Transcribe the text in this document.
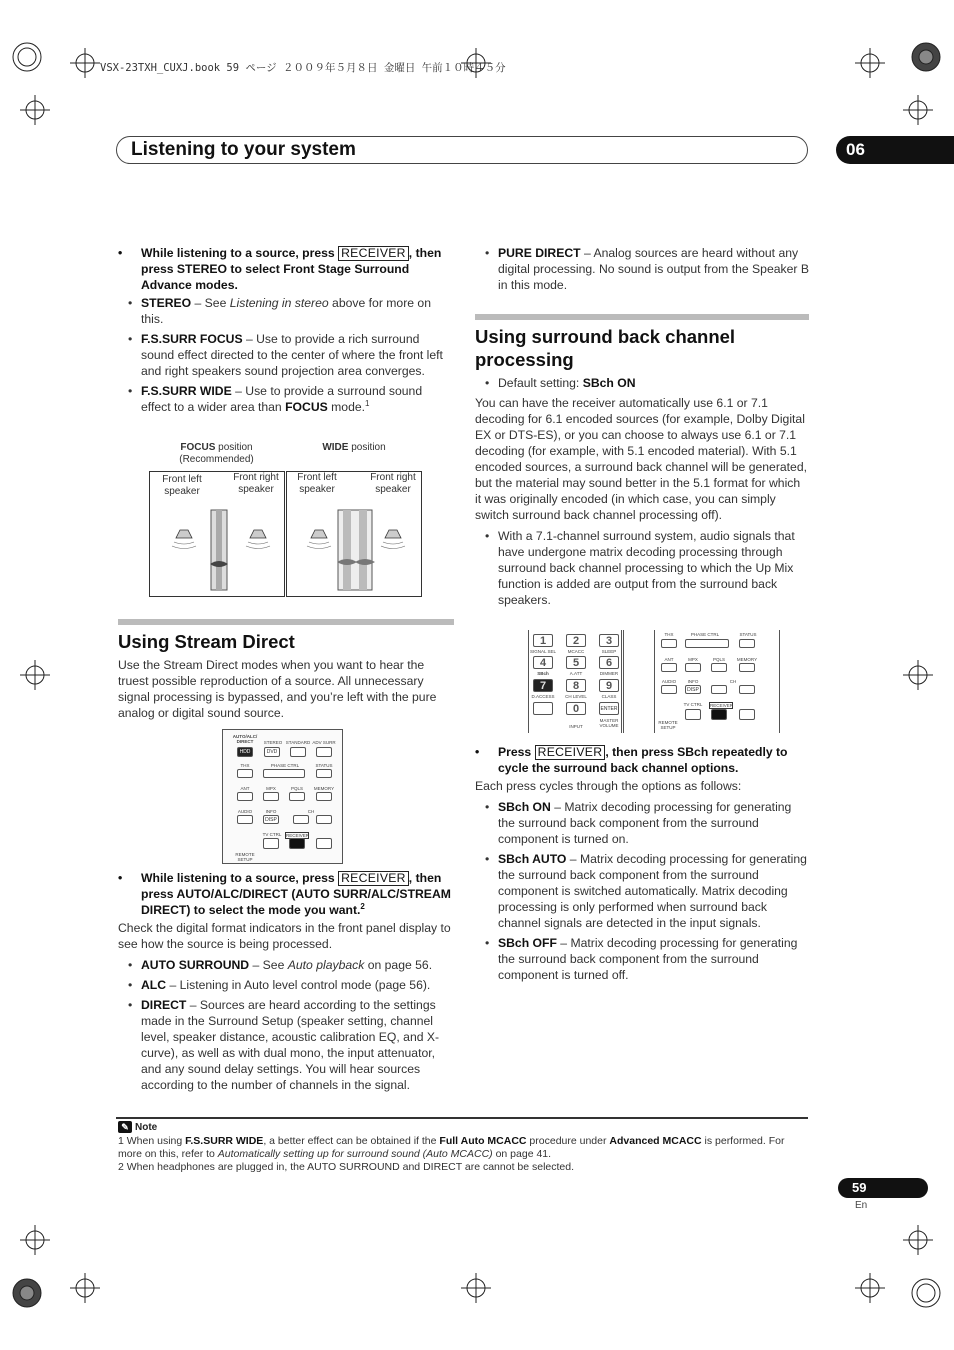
VSX-23TXH_CUXJ.book 59 ページ ２００９年５月８日 金曜日 午前１０時４５分
Listening to your system	06
• While listening to a source, press RECEIVER , then press STEREO to select Front Stage Surround Advance modes.
• STEREO – See Listening in stereo above for more on this.
• F.S.SURR FOCUS – Use to provide a rich surround sound effect directed to the center of where the front left and right speakers sound projection area converges.
• F.S.SURR WIDE – Use to provide a surround sound effect to a wider area than FOCUS mode.$^1$
FOCUS position
(Recommended)
WIDE position
Front left speaker
Front right speaker
Front left speaker
Front right speaker
Using Stream Direct

Use the Stream Direct modes when you want to hear the truest possible reproduction of a source. All unnecessary signal processing is bypassed, and you’re left with the pure analog or digital sound source.

AUTO/ALC/ DIRECT	STEREO STANDARD ADV SURR
HDD	DVD
THX	PHASE CTRL	STATUS
ANT	MPX	PQLS	MEMORY
AUDIO	INFO	CH
DISP
TV CTRL	RECEIVER
REMOTE SETUP
• While listening to a source, press RECEIVER , then press AUTO/ALC/DIRECT (AUTO SURR/ALC/STREAM DIRECT) to select the mode you want.$^2$

Check the digital format indicators in the front panel display to see how the source is being processed.

• AUTO SURROUND – See Auto playback on page 56.
• ALC – Listening in Auto level control mode (page 56).
• DIRECT – Sources are heard according to the settings made in the Surround Setup (speaker setting, channel level, speaker distance, acoustic calibration EQ, and X-curve), as well as with dual mono, the input attenuator, and any sound delay settings. You will hear sources according to the number of channels in the signal.
• PURE DIRECT – Analog sources are heard without any digital processing. No sound is output from the Speaker B in this mode.
Using surround back channel processing
• Default setting: SBch ON

You can have the receiver automatically use 6.1 or 7.1 decoding for 6.1 encoded sources (for example, Dolby Digital EX or DTS-ES), or you can choose to always use 6.1 or 7.1 decoding (for example, with 5.1 encoded material). With 5.1 encoded sources, a surround back channel will be generated, but the material may sound better in the 5.1 format for which it was originally encoded (in which case, you can simply switch surround back channel processing off).

• With a 7.1-channel surround system, audio signals that have undergone matrix decoding processing through surround back channel processing to which the Up Mix function is added are output from the surround back speakers.
1	2	3
SIGNAL SEL	MCACC	SLEEP
4	5	6
SBch	A.ATT	DIMMER
7	8	9
D.ACCESS	CH LEVEL	CLASS
0	ENTER
INPUT
MASTER VOLUME
THX	PHASE CTRL	STATUS
ANT	MPX	PQLS	MEMORY
AUDIO	INFO	CH
DISP
TV CTRL RECEIVER
REMOTE SETUP
• Press RECEIVER , then press SBch repeatedly to cycle the surround back channel options.

Each press cycles through the options as follows:

• SBch ON – Matrix decoding processing for generating the surround back component from the surround component is turned on.
• SBch AUTO – Matrix decoding processing for generating the surround back component from the surround component is switched automatically. Matrix decoding processing is only performed when surround back channel signals are detected in the input signals.
• SBch OFF – Matrix decoding processing for generating the surround back component from the surround component is turned off.
✎ Note
1 When using F.S.SURR WIDE, a better effect can be obtained if the Full Auto MCACC procedure under Advanced MCACC is performed. For more on this, refer to Automatically setting up for surround sound (Auto MCACC) on page 41.
2 When headphones are plugged in, the AUTO SURROUND and DIRECT are cannot be selected.
59
En
